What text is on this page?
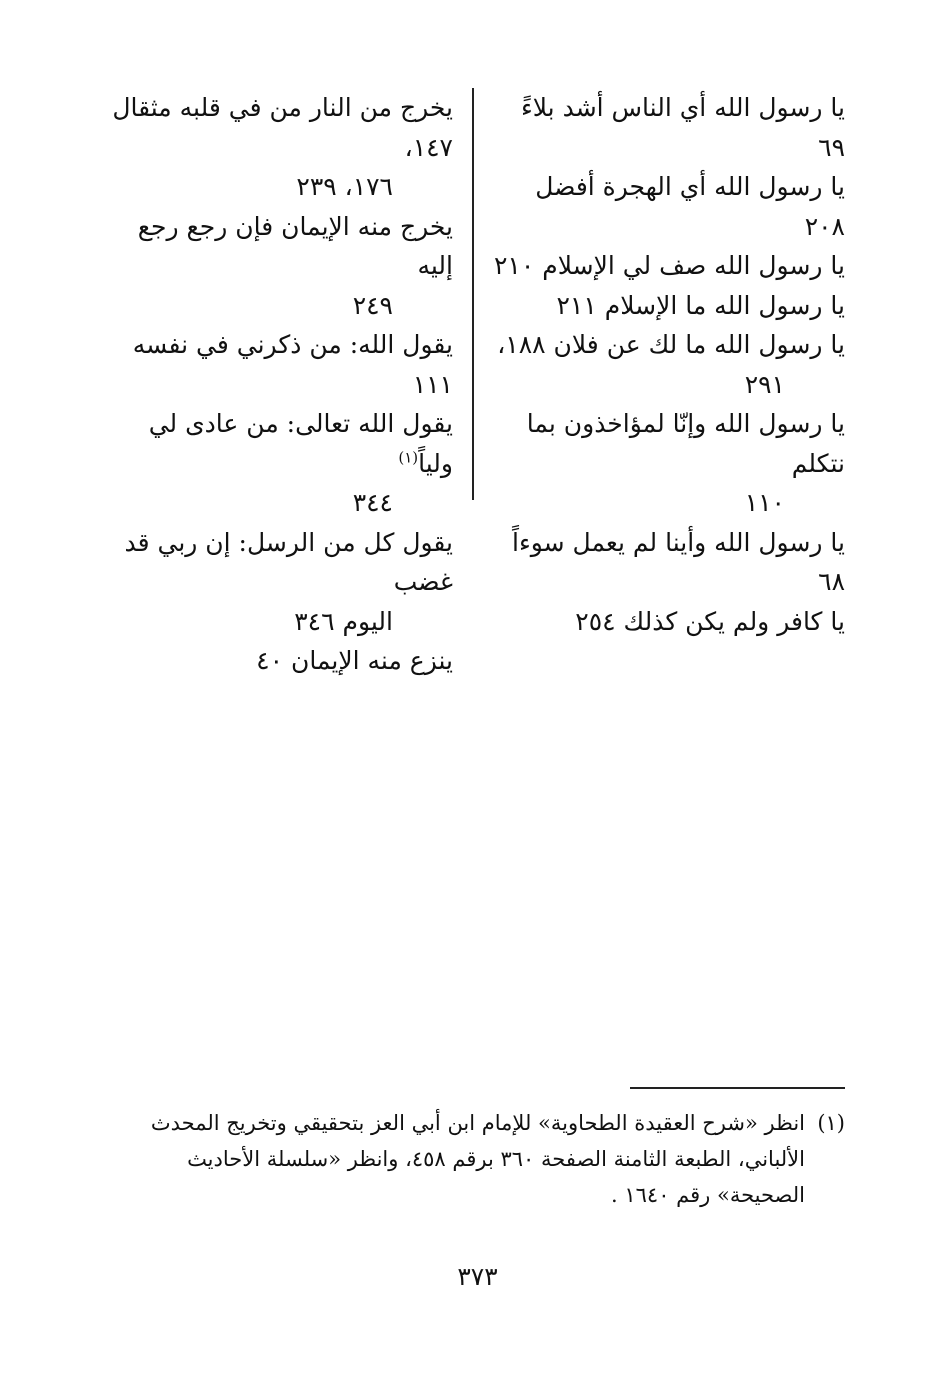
يا رسول الله أي الناس أشد بلاءً ٦٩
يا رسول الله أي الهجرة أفضل ٢٠٨
يا رسول الله صف لي الإسلام ٢١٠
يا رسول الله ما الإسلام ٢١١
يا رسول الله ما لك عن فلان ١٨٨،
٢٩١
يا رسول الله وإنّا لمؤاخذون بما نتكلم
١١٠
يا رسول الله وأينا لم يعمل سوءاً ٦٨
يا كافر ولم يكن كذلك ٢٥٤
يخرج من النار من في قلبه مثقال ١٤٧،
١٧٦، ٢٣٩
يخرج منه الإيمان فإن رجع رجع إليه
٢٤٩
يقول الله: من ذكرني في نفسه ١١١
يقول الله تعالى: من عادى لي ولياً$^{(١)}$
٣٤٤
يقول كل من الرسل: إن ربي قد غضب
اليوم ٣٤٦
ينزع منه الإيمان ٤٠
(١)
انظر «شرح العقيدة الطحاوية» للإمام ابن أبي العز بتحقيقي وتخريج المحدث الألباني، الطبعة الثامنة الصفحة ٣٦٠ برقم ٤٥٨، وانظر «سلسلة الأحاديث الصحيحة» رقم ١٦٤٠ .
٣٧٣
